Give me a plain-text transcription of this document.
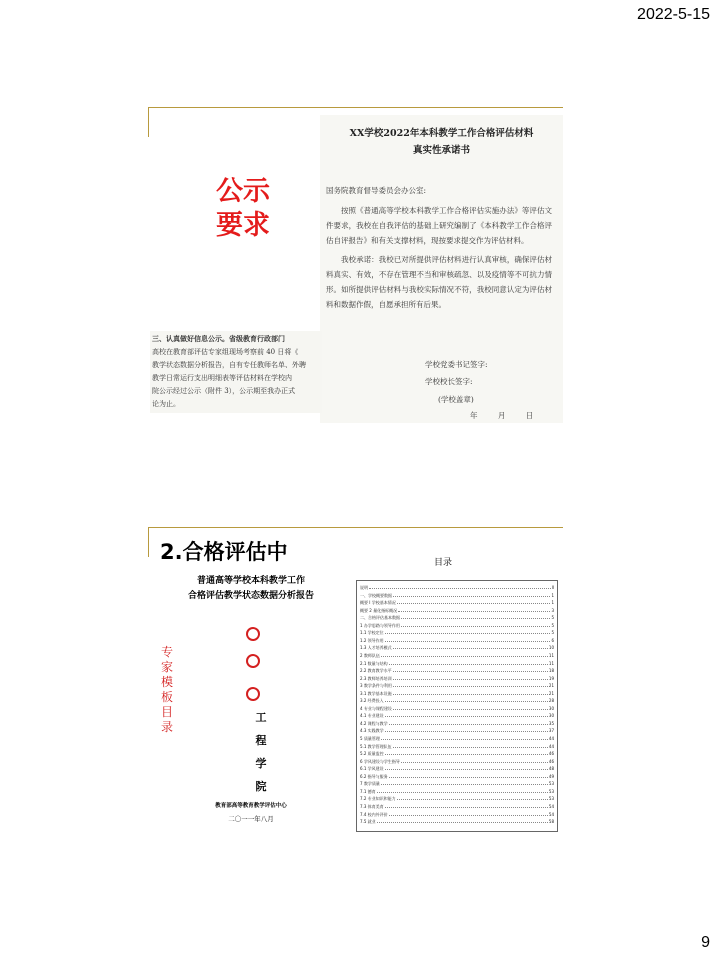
2022-5-15
公示
要求
XX学校2022年本科教学工作合格评估材料
真实性承诺书
国务院教育督导委员会办公室:
按照《普通高等学校本科教学工作合格评估实施办法》等评估文件要求，我校在自我评估的基础上研究编制了《本科教学工作合格评估自评报告》和有关支撑材料，现按要求提交作为评估材料。
我校承诺：我校已对所提供评估材料进行认真审核，确保评估材料真实、有效，不存在管理不当和审核疏忽、以及疫情等不可抗力情形。如所提供评估材料与我校实际情况不符，我校同意认定为评估材料和数据作假，自愿承担所有后果。
学校党委书记签字:
学校校长签字:
(学校盖章)
年 月 日
三、认真做好信息公示。省级教育行政部门
高校在教育部评估专家组现场考察前 40 日将《
教学状态数据分析报告，自有专任教师名单、外聘
教学日常运行支出明细表等评估材料在学校内
院公示经过公示（附件 3），公示期至我办正式
论为止。
2.合格评估中
普通高等学校本科教学工作
合格评估教学状态数据分析报告
专家模板目录
工
程
学
院
教育部高等教育教学评估中心
二〇一一年八月
目录
说明	II
一、学校概要数据	1
概要 I 学校基本情况	1
概要 2 量化指标概况	3
二、合格评估基本数据	5
1 办学思路与领导作用	5
1.1 学校定位	5
1.2 领导作用	6
1.3 人才培养模式	10
2 教师队伍	11
2.1 数量与结构	11
2.2 教育教学水平	18
2.3 教师培养培训	19
3 教学条件与利用	21
3.1 教学基本设施	21
3.2 经费投入	28
4 专业与课程建设	30
4.1 专业建设	30
4.2 课程与教学	35
4.3 实践教学	37
5 质量管理	44
5.1 教学管理队伍	44
5.2 质量监控	46
6 学风建设与学生指导	46
6.1 学风建设	48
6.2 指导与服务	49
7 教学质量	53
7.1 德育	53
7.2 专业知识和能力	53
7.3 体育美育	54
7.4 校内外评价	54
7.5 就业	58
9
